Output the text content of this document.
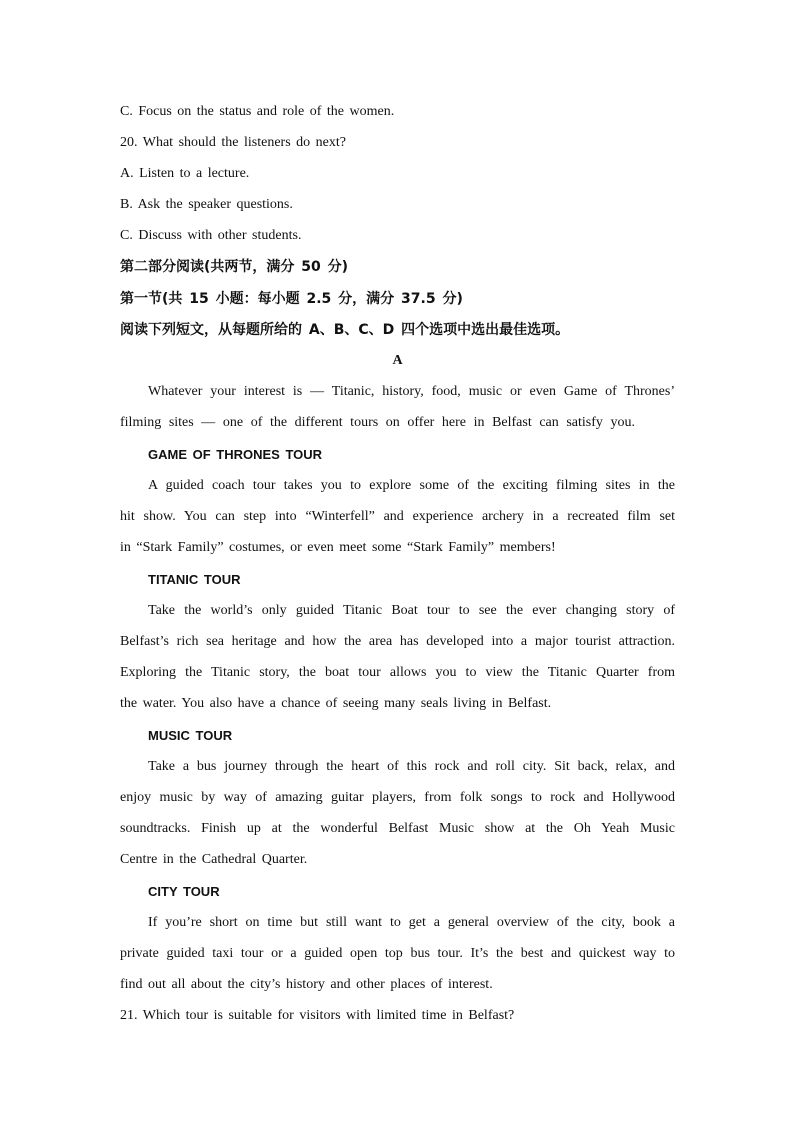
C. Focus on the status and role of the women.
20. What should the listeners do next?
A. Listen to a lecture.
B. Ask the speaker questions.
C. Discuss with other students.
第二部分阅读(共两节，满分 50 分)
第一节(共 15 小题：每小题 2.5 分，满分 37.5 分)
阅读下列短文，从每题所给的 A、B、C、D 四个选项中选出最佳选项。
A
Whatever your interest is — Titanic, history, food, music or even Game of Thrones’
filming sites — one of the different tours on offer here in Belfast can satisfy you.
GAME OF THRONES TOUR
A guided coach tour takes you to explore some of the exciting filming sites in the
hit show. You can step into “Winterfell” and experience archery in a recreated film set
in “Stark Family” costumes, or even meet some “Stark Family” members!
TITANIC TOUR
Take the world’s only guided Titanic Boat tour to see the ever changing story of
Belfast’s rich sea heritage and how the area has developed into a major tourist attraction.
Exploring the Titanic story, the boat tour allows you to view the Titanic Quarter from
the water. You also have a chance of seeing many seals living in Belfast.
MUSIC TOUR
Take a bus journey through the heart of this rock and roll city. Sit back, relax, and
enjoy music by way of amazing guitar players, from folk songs to rock and Hollywood
soundtracks. Finish up at the wonderful Belfast Music show at the Oh Yeah Music
Centre in the Cathedral Quarter.
CITY TOUR
If you’re short on time but still want to get a general overview of the city, book a
private guided taxi tour or a guided open top bus tour. It’s the best and quickest way to
find out all about the city’s history and other places of interest.
21. Which tour is suitable for visitors with limited time in Belfast?
